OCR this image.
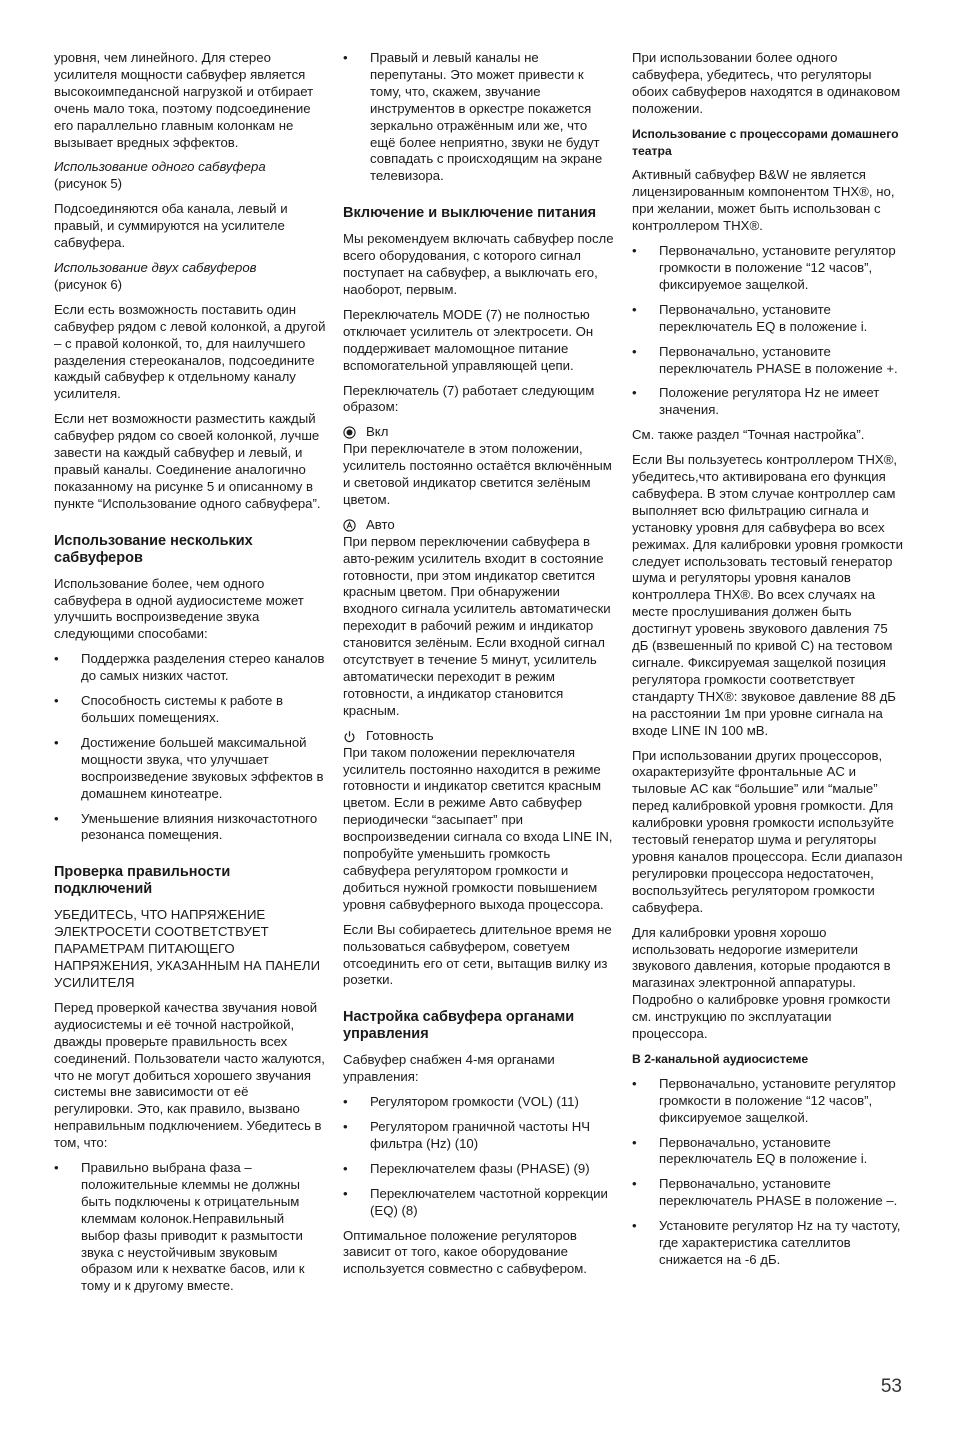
уровня, чем линейного. Для стерео усилителя мощности сабвуфер является высокоимпедансной нагрузкой и отбирает очень мало тока, поэтому подсоединение его параллельно главным колонкам не вызывает вредных эффектов.

Использование одного сабвуфера
(рисунок 5)

Подсоединяются оба канала, левый и правый, и суммируются на усилителе сабвуфера.

Использование двух сабвуферов
(рисунок 6)

Если есть возможность поставить один сабвуфер рядом с левой колонкой, а другой – с правой колонкой, то, для наилучшего разделения стереоканалов, подсоедините каждый сабвуфер к отдельному каналу усилителя.

Если нет возможности разместить каждый сабвуфер рядом со своей колонкой, лучше завести на каждый сабвуфер и левый, и правый каналы. Соединение аналогично показанному на рисунке 5 и описанному в пункте “Использование одного сабвуфера”.

Использование нескольких сабвуферов

Использование более, чем одного сабвуфера в одной аудиосистеме может улучшить воспроизведение звука следующими способами:

• Поддержка разделения стерео каналов до самых низких частот.
• Способность системы к работе в больших помещениях.
• Достижение большей максимальной мощности звука, что улучшает воспроизведение звуковых эффектов в домашнем кинотеатре.
• Уменьшение влияния низкочастотного резонанса помещения.
Проверка правильности подключений

УБЕДИТЕСЬ, ЧТО НАПРЯЖЕНИЕ ЭЛЕКТРОСЕТИ СООТВЕТСТВУЕТ ПАРАМЕТРАМ ПИТАЮЩЕГО НАПРЯЖЕНИЯ, УКАЗАННЫМ НА ПАНЕЛИ УСИЛИТЕЛЯ

Перед проверкой качества звучания новой аудиосистемы и её точной настройкой, дважды проверьте правильность всех соединений. Пользователи часто жалуются, что не могут добиться хорошего звучания системы вне зависимости от её регулировки. Это, как правило, вызвано неправильным подключением. Убедитесь в том, что:

• Правильно выбрана фаза – положительные клеммы не должны быть подключены к отрицательным клеммам колонок.Неправильный выбор фазы приводит к размытости звука с неустойчивым звуковым образом или к нехватке басов, или к тому и к другому вместе.
• Правый и левый каналы не перепутаны. Это может привести к тому, что, скажем, звучание инструментов в оркестре покажется зеркально отражённым или же, что ещё более неприятно, звуки не будут совпадать с происходящим на экране телевизора.
Включение и выключение питания

Мы рекомендуем включать сабвуфер после всего оборудования, с которого сигнал поступает на сабвуфер, а выключать его, наоборот, первым.

Переключатель MODE (7) не полностью отключает усилитель от электросети. Он поддерживает маломощное питание вспомогательной управляющей цепи.

Переключатель (7) работает следующим образом:

Вкл
При переключателе в этом положении, усилитель постоянно остаётся включённым и световой индикатор светится зелёным цветом.
Авто
При первом переключении сабвуфера в авто-режим усилитель входит в состояние готовности, при этом индикатор светится красным цветом. При обнаружении входного сигнала усилитель автоматически переходит в рабочий режим и индикатор становится зелёным. Если входной сигнал отсутствует в течение 5 минут, усилитель автоматически переходит в режим готовности, а индикатор становится красным.
Готовность
При таком положении переключателя усилитель постоянно находится в режиме готовности и индикатор светится красным цветом. Если в режиме Авто сабвуфер периодически “засыпает” при воспроизведении сигнала со входа LINE IN, попробуйте уменьшить громкость сабвуфера регулятором громкости и добиться нужной громкости повышением уровня сабвуферного выхода процессора.

Если Вы собираетесь длительное время не пользоваться сабвуфером, советуем отсоединить его от сети, вытащив вилку из розетки.

Настройка сабвуфера органами управления

Сабвуфер снабжен 4-мя органами управления:

• Регулятором громкости (VOL) (11)
• Регулятором граничной частоты НЧ фильтра (Hz) (10)
• Переключателем фазы (PHASE) (9)
• Переключателем частотной коррекции (EQ) (8)

Оптимальное положение регуляторов зависит от того, какое оборудование используется совместно с сабвуфером.

При использовании более одного сабвуфера, убедитесь, что регуляторы обоих сабвуферов находятся в одинаковом положении.

Использование с процессорами домашнего театра

Активный сабвуфер B&W не является лицензированным компонентом THX®, но, при желании, может быть использован с контроллером THX®.

• Первоначально, установите регулятор громкости в положение “12 часов”, фиксируемое защелкой.
• Первоначально, установите переключатель EQ в положение i.
• Первоначально, установите переключатель PHASE в положение +.
• Положение регулятора Hz не имеет значения.

См. также раздел “Точная настройка”.

Если Вы пользуетесь контроллером THX®, убедитесь,что активирована его функция сабвуфера. В этом случае контроллер сам выполняет всю фильтрацию сигнала и установку уровня для сабвуфера во всех режимах. Для калибровки уровня громкости следует использовать тестовый генератор шума и регуляторы уровня каналов контроллера THX®. Во всех случаях на месте прослушивания должен быть достигнут уровень звукового давления 75 дБ (взвешенный по кривой C) на тестовом сигнале. Фиксируемая защелкой позиция регулятора громкости соответствует стандарту THX®: звуковое давление 88 дБ на расстоянии 1м при уровне сигнала на входе LINE IN 100 мВ.

При использовании других процессоров, охарактеризуйте фронтальные AC и тыловые AC как “большие” или “малые” перед калибровкой уровня громкости. Для калибровки уровня громкости используйте тестовый генератор шума и регуляторы уровня каналов процессора. Если диапазон регулировки процессора недостаточен, воспользуйтесь регулятором громкости сабвуфера.

Для калибровки уровня хорошо использовать недорогие измерители звукового давления, которые продаются в магазинах электронной аппаратуры. Подробно о калибровке уровня громкости см. инструкцию по эксплуатации процессора.

В 2-канальной аудиосистеме
• Первоначально, установите регулятор громкости в положение “12 часов”, фиксируемое защелкой.
• Первоначально, установите переключатель EQ в положение i.
• Первоначально, установите переключатель PHASE в положение –.
• Установите регулятор Hz на ту частоту, где характеристика сателлитов снижается на -6 дБ.
53
